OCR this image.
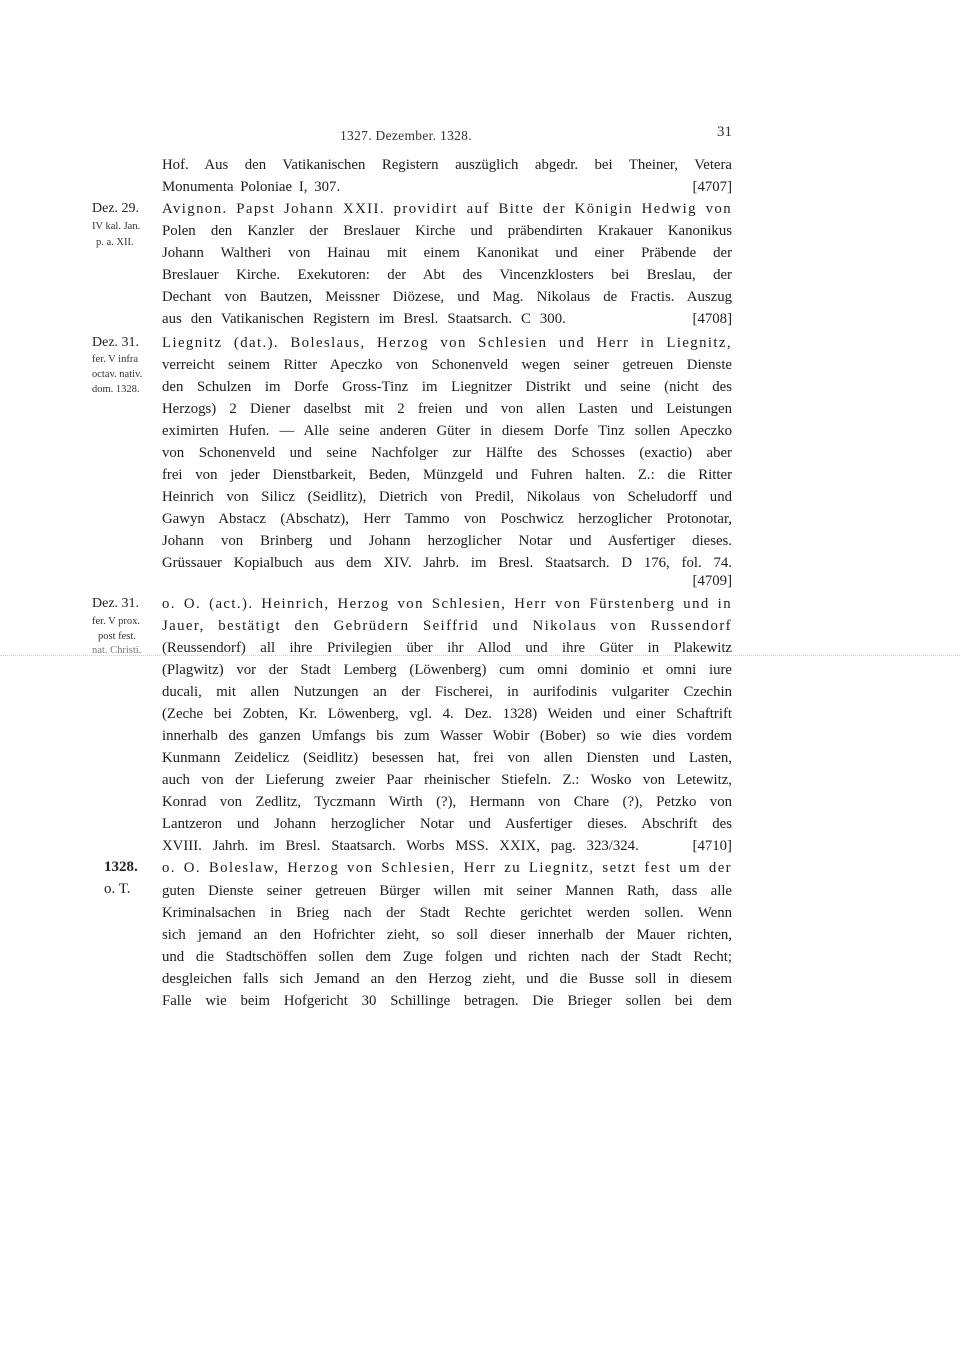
1327. Dezember. 1328.	31
Hof. Aus den Vatikanischen Registern auszüglich abgedr. bei Theiner, Vetera
Monumenta Poloniae I, 307.                                                    [4707]
Avignon. Papst Johann XXII. providirt auf Bitte der Königin Hedwig von
Polen den Kanzler der Breslauer Kirche und präbendirten Krakauer Kanonikus
Johann Waltheri von Hainau mit einem Kanonikat und einer Präbende der
Breslauer Kirche. Exekutoren: der Abt des Vincenzklosters bei Breslau, der
Dechant von Bautzen, Meissner Diözese, und Mag. Nikolaus de Fractis. Auszug
aus den Vatikanischen Registern im Bresl. Staatsarch. C 300.              [4708]
Liegnitz (dat.). Boleslaus, Herzog von Schlesien und Herr in Liegnitz,
verreicht seinem Ritter Apeczko von Schonenveld wegen seiner getreuen Dienste
den Schulzen im Dorfe Gross-Tinz im Liegnitzer Distrikt und seine (nicht des
Herzogs) 2 Diener daselbst mit 2 freien und von allen Lasten und Leistungen
eximirten Hufen. — Alle seine anderen Güter in diesem Dorfe Tinz sollen Apeczko
von Schonenveld und seine Nachfolger zur Hälfte des Schosses (exactio) aber
frei von jeder Dienstbarkeit, Beden, Münzgeld und Fuhren halten. Z.: die Ritter
Heinrich von Silicz (Seidlitz), Dietrich von Predil, Nikolaus von Scheludorff und
Gawyn Abstacz (Abschatz), Herr Tammo von Poschwicz herzoglicher Protonotar,
Johann von Brinberg und Johann herzoglicher Notar und Ausfertiger dieses.
Grüssauer Kopialbuch aus dem XIV. Jahrb. im Bresl. Staatsarch. D 176, fol. 74.
[4709]
o. O. (act.). Heinrich, Herzog von Schlesien, Herr von Fürstenberg und in
Jauer, bestätigt den Gebrüdern Seiffrid und Nikolaus von Russendorf
(Reussendorf) all ihre Privilegien über ihr Allod und ihre Güter in Plakewitz
(Plagwitz) vor der Stadt Lemberg (Löwenberg) cum omni dominio et omni iure
ducali, mit allen Nutzungen an der Fischerei, in aurifodinis vulgariter Czechin
(Zeche bei Zobten, Kr. Löwenberg, vgl. 4. Dez. 1328) Weiden und einer Schaftrift
innerhalb des ganzen Umfangs bis zum Wasser Wobir (Bober) so wie dies vordem
Kunmann Zeidelicz (Seidlitz) besessen hat, frei von allen Diensten und Lasten,
auch von der Lieferung zweier Paar rheinischer Stiefeln. Z.: Wosko von Letewitz,
Konrad von Zedlitz, Tyczmann Wirth (?), Hermann von Chare (?), Petzko von
Lantzeron und Johann herzoglicher Notar und Ausfertiger dieses. Abschrift des
XVIII. Jahrh. im Bresl. Staatsarch. Worbs MSS. XXIX, pag. 323/324.     [4710]
o. O. Boleslaw, Herzog von Schlesien, Herr zu Liegnitz, setzt fest um der
guten Dienste seiner getreuen Bürger willen mit seiner Mannen Rath, dass alle
Kriminalsachen in Brieg nach der Stadt Rechte gerichtet werden sollen. Wenn
sich jemand an den Hofrichter zieht, so soll dieser innerhalb der Mauer richten,
und die Stadtschöffen sollen dem Zuge folgen und richten nach der Stadt Recht;
desgleichen falls sich Jemand an den Herzog zieht, und die Busse soll in diesem
Falle wie beim Hofgericht 30 Schillinge betragen. Die Brieger sollen bei dem
Dez. 29.
IV kal. Jan.
p. a. XII.
Dez. 31.
fer. V infra
octav. nativ.
dom. 1328.
Dez. 31.
fer. V prox.
post fest.
nat. Christi.
1328.
o. T.
